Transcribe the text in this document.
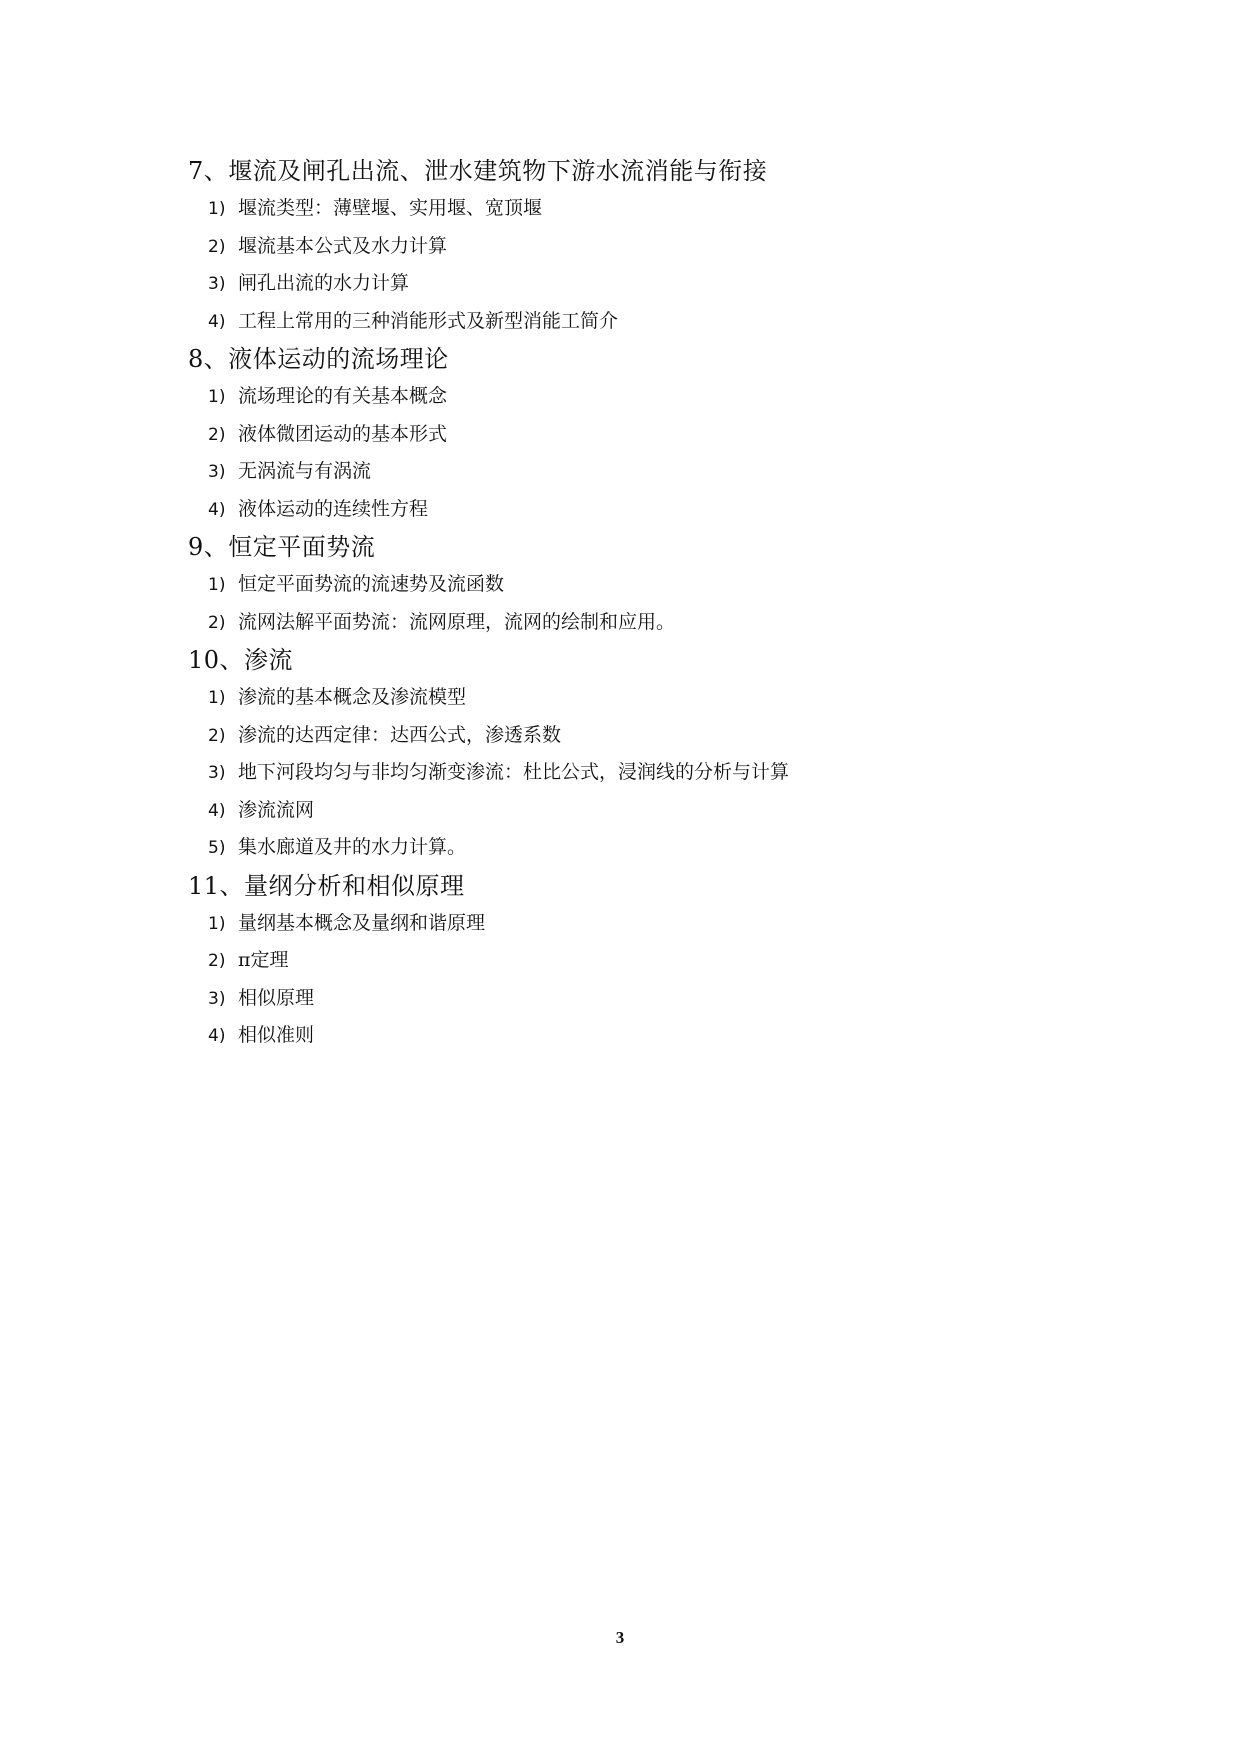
7、堰流及闸孔出流、泄水建筑物下游水流消能与衔接
1) 堰流类型：薄壁堰、实用堰、宽顶堰
2) 堰流基本公式及水力计算
3) 闸孔出流的水力计算
4) 工程上常用的三种消能形式及新型消能工简介
8、液体运动的流场理论
1) 流场理论的有关基本概念
2) 液体微团运动的基本形式
3) 无涡流与有涡流
4) 液体运动的连续性方程
9、恒定平面势流
1) 恒定平面势流的流速势及流函数
2) 流网法解平面势流：流网原理，流网的绘制和应用。
10、渗流
1) 渗流的基本概念及渗流模型
2) 渗流的达西定律：达西公式，渗透系数
3) 地下河段均匀与非均匀渐变渗流：杜比公式，浸润线的分析与计算
4) 渗流流网
5) 集水廊道及井的水力计算。
11、量纲分析和相似原理
1) 量纲基本概念及量纲和谐原理
2) π定理
3) 相似原理
4) 相似准则
3
